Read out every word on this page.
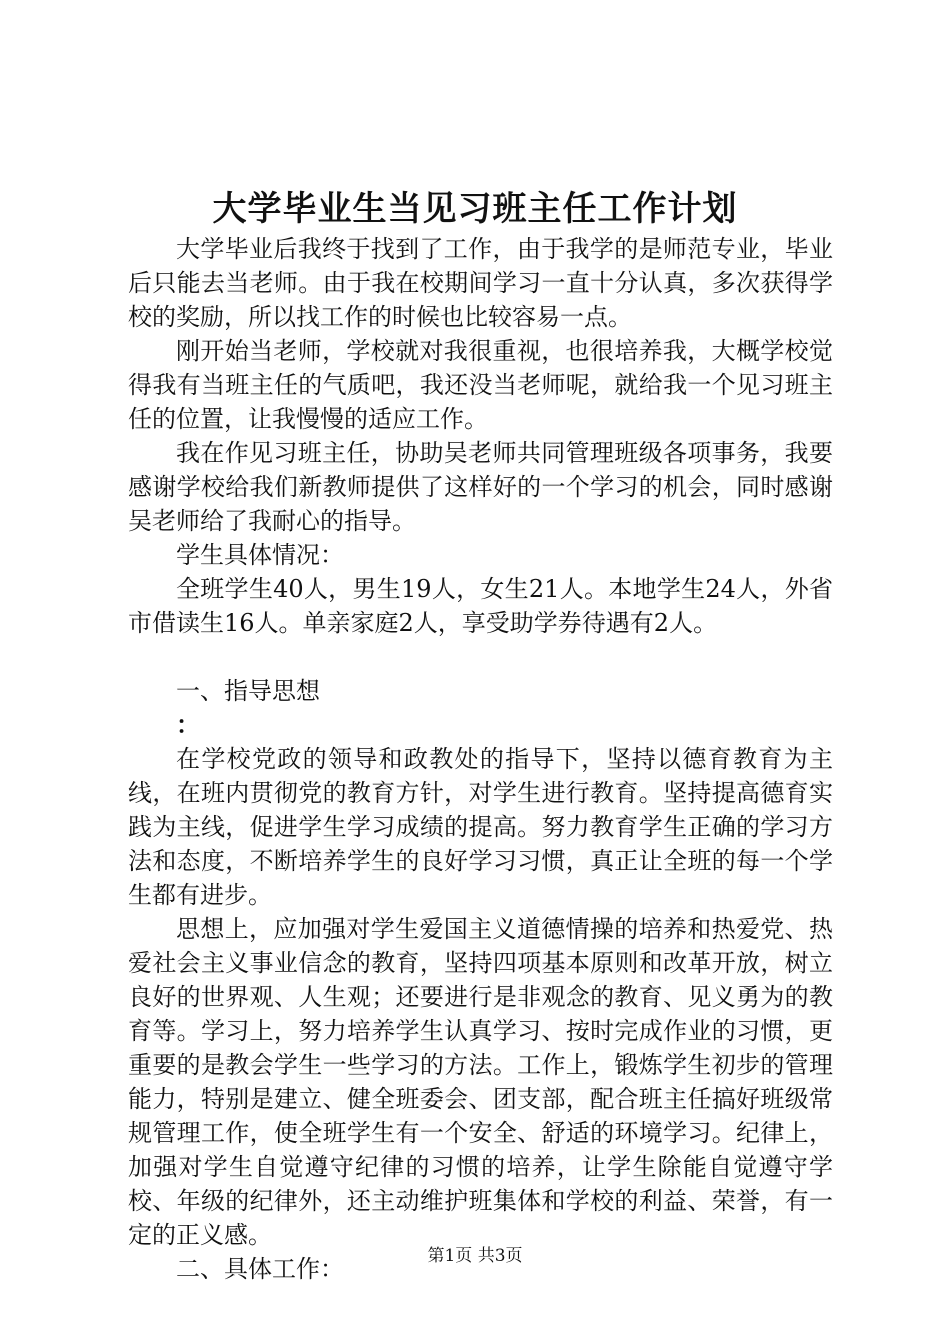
大学毕业生当见习班主任工作计划

大学毕业后我终于找到了工作，由于我学的是师范专业，毕业后只能去当老师。由于我在校期间学习一直十分认真，多次获得学校的奖励，所以找工作的时候也比较容易一点。

刚开始当老师，学校就对我很重视，也很培养我，大概学校觉得我有当班主任的气质吧，我还没当老师呢，就给我一个见习班主任的位置，让我慢慢的适应工作。

我在作见习班主任，协助吴老师共同管理班级各项事务，我要感谢学校给我们新教师提供了这样好的一个学习的机会，同时感谢吴老师给了我耐心的指导。

学生具体情况：

全班学生40人，男生19人，女生21人。本地学生24人，外省市借读生16人。单亲家庭2人，享受助学券待遇有2人。

一、指导思想

：

在学校党政的领导和政教处的指导下，坚持以德育教育为主线，在班内贯彻党的教育方针，对学生进行教育。坚持提高德育实践为主线，促进学生学习成绩的提高。努力教育学生正确的学习方法和态度，不断培养学生的良好学习习惯，真正让全班的每一个学生都有进步。

思想上，应加强对学生爱国主义道德情操的培养和热爱党、热爱社会主义事业信念的教育，坚持四项基本原则和改革开放，树立良好的世界观、人生观；还要进行是非观念的教育、见义勇为的教育等。学习上，努力培养学生认真学习、按时完成作业的习惯，更重要的是教会学生一些学习的方法。工作上，锻炼学生初步的管理能力，特别是建立、健全班委会、团支部，配合班主任搞好班级常规管理工作，使全班学生有一个安全、舒适的环境学习。纪律上，加强对学生自觉遵守纪律的习惯的培养，让学生除能自觉遵守学校、年级的纪律外，还主动维护班集体和学校的利益、荣誉，有一定的正义感。

二、具体工作：	第1页 共3页
